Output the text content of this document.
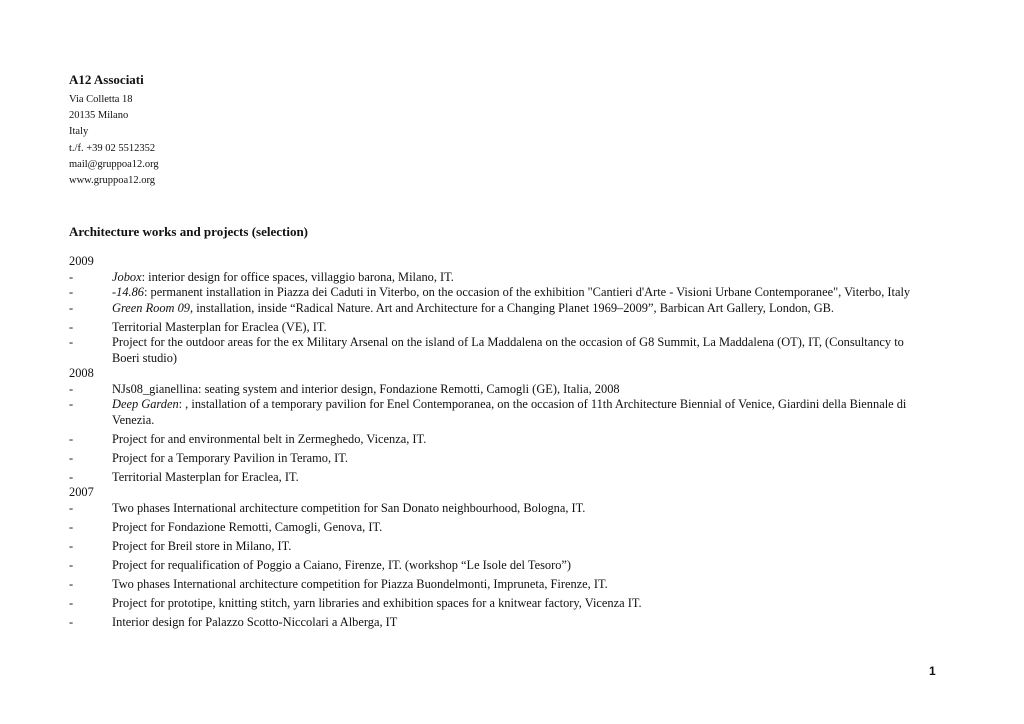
A12 Associati
Via Colletta 18
20135 Milano
Italy
t./f. +39 02 5512352
mail@gruppoa12.org
www.gruppoa12.org
Architecture works and projects (selection)
2009
-	Jobox: interior design for office spaces, villaggio barona, Milano, IT.
-	-14.86: permanent installation in Piazza dei Caduti in Viterbo, on the occasion of the exhibition "Cantieri d'Arte - Visioni Urbane Contemporanee", Viterbo, Italy
-	Green Room 09, installation, inside “Radical Nature. Art and Architecture for a Changing Planet 1969–2009”, Barbican Art Gallery, London, GB.
-	Territorial Masterplan for Eraclea (VE), IT.
-	Project for the outdoor areas for the ex Military Arsenal on the island of La Maddalena on the occasion of G8 Summit, La Maddalena (OT), IT, (Consultancy to Boeri studio)
2008
-	NJs08_gianellina: seating system and interior design, Fondazione Remotti, Camogli (GE), Italia, 2008
-	Deep Garden: , installation of a temporary pavilion for Enel Contemporanea, on the occasion of 11th Architecture Biennial of Venice, Giardini della Biennale di Venezia.
-	Project for and environmental belt in Zermeghedo, Vicenza, IT.
-	Project for a Temporary Pavilion in Teramo, IT.
-	Territorial Masterplan for Eraclea, IT.
2007
-	Two phases International architecture competition for San Donato neighbourhood, Bologna, IT.
-	Project for Fondazione Remotti, Camogli, Genova, IT.
-	Project for Breil store in Milano, IT.
-	Project for requalification of Poggio a Caiano, Firenze, IT. (workshop “Le Isole del Tesoro”)
-	Two phases International architecture competition for Piazza Buondelmonti, Impruneta, Firenze, IT.
-	Project for prototipe, knitting stitch, yarn libraries and exhibition spaces for a knitwear factory, Vicenza IT.
-	Interior design for Palazzo Scotto-Niccolari a Alberga, IT
1
